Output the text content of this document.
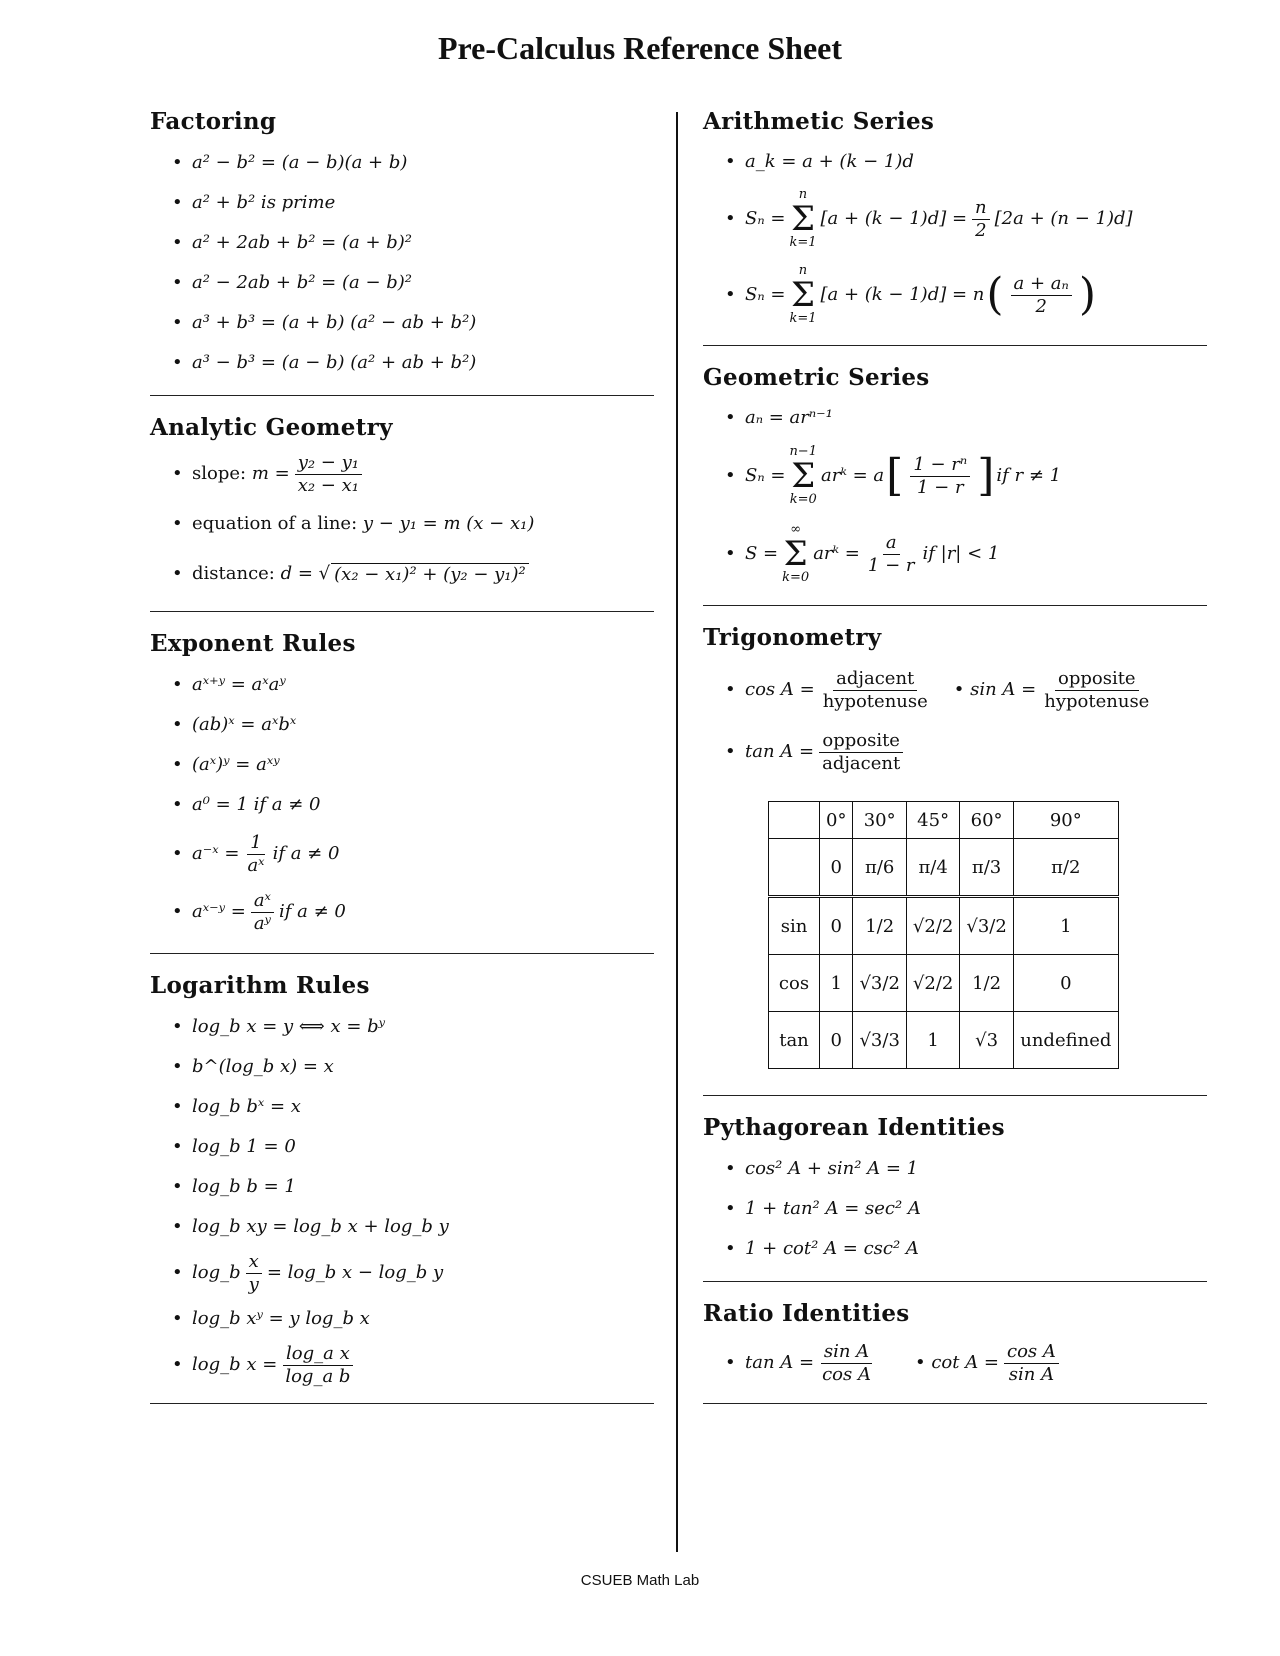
Pre-Calculus Reference Sheet
Factoring
• a² − b² = (a − b)(a + b)
• a² + b² is prime
• a² + 2ab + b² = (a + b)²
• a² − 2ab + b² = (a − b)²
• a³ + b³ = (a + b) (a² − ab + b²)
• a³ − b³ = (a − b) (a² + ab + b²)
Analytic Geometry
• slope:
$m = \frac{\text{y₂ − y₁}}{\text{x₂ − x₁}}$
• equation of a line:
y − y₁ = m (x − x₁)
• distance:
d = √ (x₂ − x₁)² + (y₂ − y₁)²
Exponent Rules
• aˣ⁺ʸ = aˣaʸ
• (ab)ˣ = aˣbˣ
• (aˣ)ʸ = aˣʸ
• a⁰ = 1 if a ≠ 0
• a⁻ˣ = $\frac{1}{\text{aˣ}}$ if a ≠ 0
• aˣ⁻ʸ = $\frac{\text{aˣ}}{\text{aʸ}}$ if a ≠ 0
Logarithm Rules
• log_b x = y ⟺ x = bʸ
• b^(log_b x) = x
• log_b bˣ = x
• log_b 1 = 0
• log_b b = 1
• log_b xy = log_b x + log_b y
• log_b $\frac{x}{y}$ = log_b x − log_b y
• log_b xʸ = y log_b x
• log_b $x = \frac{\text{log\_a x}}{\text{log\_a b}}$
Arithmetic Series
• a_k = a + (k − 1)d
• Sₙ =
n
Σ
k=1
$[a + (k - 1)d] = \frac{n}{2} [2a + (n - 1)d]$
• Sₙ =
n
Σ
k=1
[a + (k − 1)d] = n ( $\frac{\text{a + aₙ}}{2}$ )
Geometric Series
• aₙ = arⁿ⁻¹
• Sₙ =
n−1
Σ
k=0
arᵏ = a [ $\frac{\text{1 − rⁿ}}{1 - r}$ ] if r ≠ 1
• S =
∞
Σ
k=0
arᵏ = $\frac{a}{1 - r}$ if |r| < 1
Trigonometry
• $\cos A = \frac{\text{adjacent}}{\text{hypotenuse}}$ • $\sin A = \frac{\text{opposite}}{\text{hypotenuse}}$
• $\tan A = \frac{\text{opposite}}{\text{adjacent}}$
	0°	30°	45°	60°	90°
	0	π/6	π/4	π/3	π/2
sin	0	1/2	√2/2	√3/2	1
cos	1	√3/2	√2/2	1/2	0
tan	0	√3/3	1	√3	undefined
Pythagorean Identities
• cos² A + sin² A = 1
• 1 + tan² A = sec² A
• 1 + cot² A = csc² A
Ratio Identities
• $\tan A = \frac{\text{sin A}}{\text{cos A}}$ • $\cot A = \frac{\text{cos A}}{\text{sin A}}$
CSUEB Math Lab
